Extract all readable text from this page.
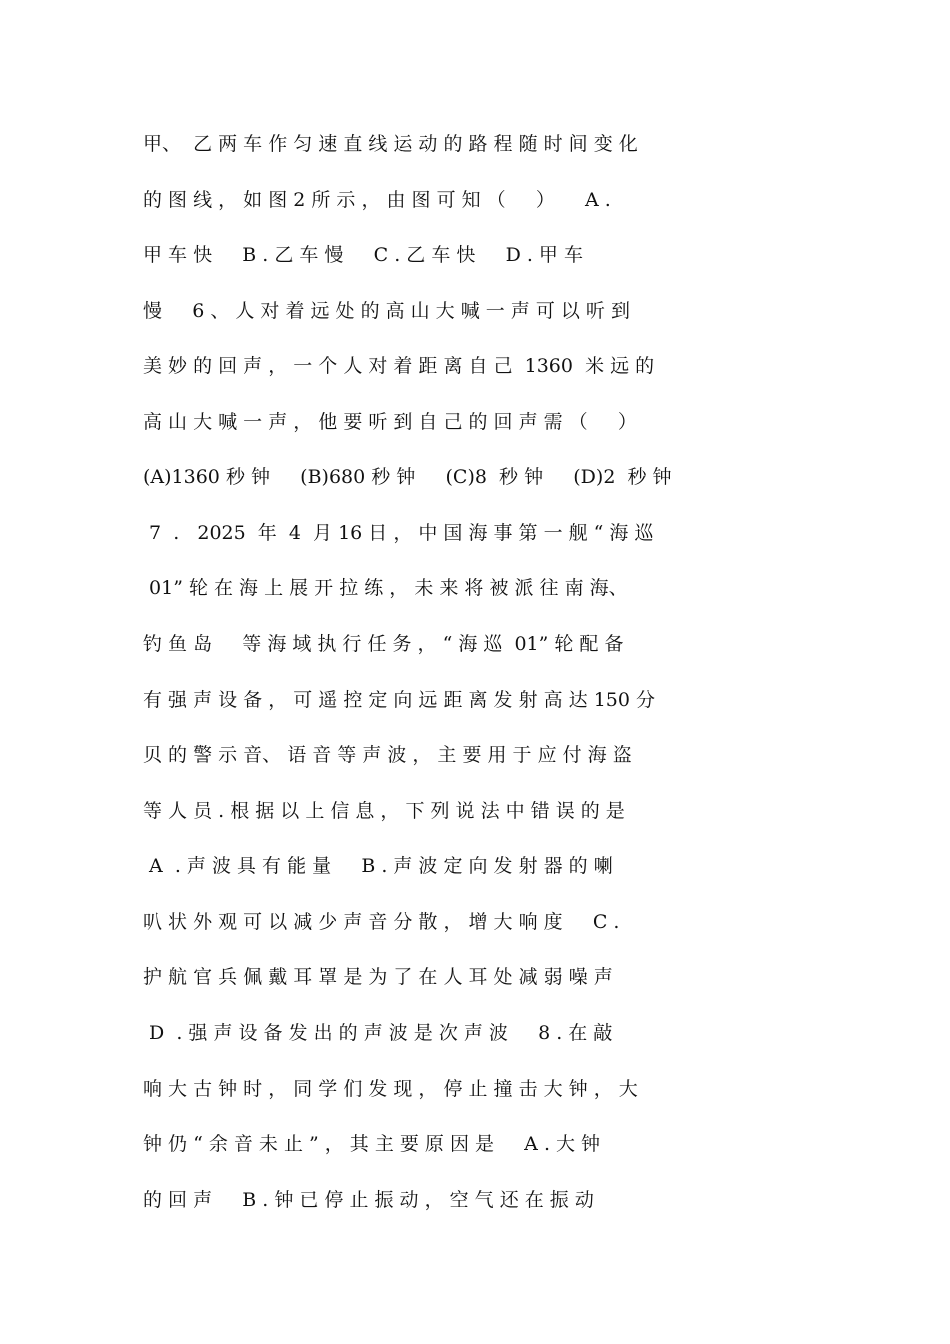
甲、  乙 两 车 作 匀 速 直 线 运 动 的 路 程 随 时 间 变 化
的 图 线 ， 如 图 2 所 示 ， 由 图 可 知 （     ）     A .
甲 车 快     B . 乙 车 慢     C . 乙 车 快     D . 甲 车
慢     6 、 人 对 着 远 处 的 高 山 大 喊 一 声 可 以 听 到
美 妙 的 回 声 ， 一 个 人 对 着 距 离 自 己  1360  米 远 的
高 山 大 喊 一 声 ， 他 要 听 到 自 己 的 回 声 需 （     ）
(A)1360 秒 钟     (B)680 秒 钟     (C)8  秒 钟     (D)2  秒 钟
7  .   2025  年  4  月 16 日 ， 中 国 海 事 第 一 舰 “ 海 巡
01” 轮 在 海 上 展 开 拉 练 ， 未 来 将 被 派 往 南 海、
钓 鱼 岛     等 海 域 执 行 任 务 ， “ 海 巡  01” 轮 配 备
有 强 声 设 备 ， 可 遥 控 定 向 远 距 离 发 射 高 达 150 分
贝 的 警 示 音、 语 音 等 声 波 ， 主 要 用 于 应 付 海 盗
等 人 员 . 根 据 以 上 信 息 ， 下 列 说 法 中 错 误 的 是
A  . 声 波 具 有 能 量     B . 声 波 定 向 发 射 器 的 喇
叭 状 外 观 可 以 减 少 声 音 分 散 ， 增 大 响 度     C .
护 航 官 兵 佩 戴 耳 罩 是 为 了 在 人 耳 处 减 弱 噪 声
D  . 强 声 设 备 发 出 的 声 波 是 次 声 波     8 . 在 敲
响 大 古 钟 时 ， 同 学 们 发 现 ， 停 止 撞 击 大 钟 ， 大
钟 仍 “ 余 音 未 止 ” ， 其 主 要 原 因 是     A . 大 钟
的 回 声     B . 钟 已 停 止 振 动 ， 空 气 还 在 振 动
